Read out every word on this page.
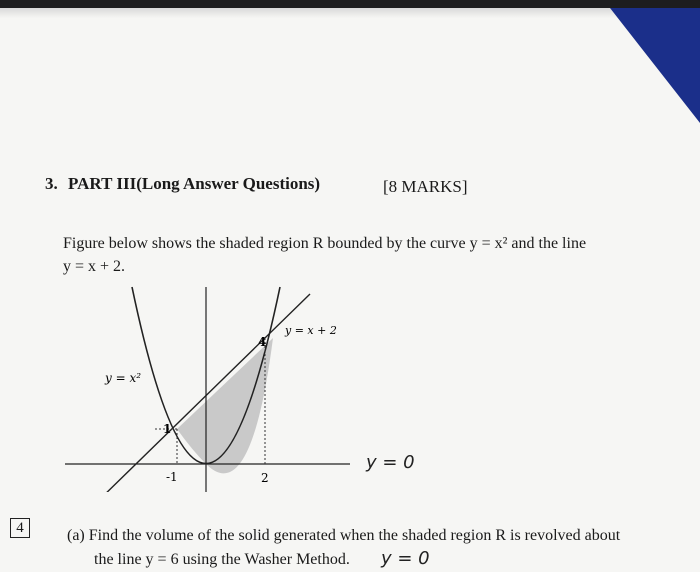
3. PART III(Long Answer Questions)	[8 MARKS]
Figure below shows the shaded region R bounded by the curve y = x² and the line
y = x + 2.
y = x²
y = x + 2
-1	2
1
4
y = 0
4	(a) Find the volume of the solid generated when the shaded region R is revolved about
the line y = 6 using the Washer Method.	y = 0
